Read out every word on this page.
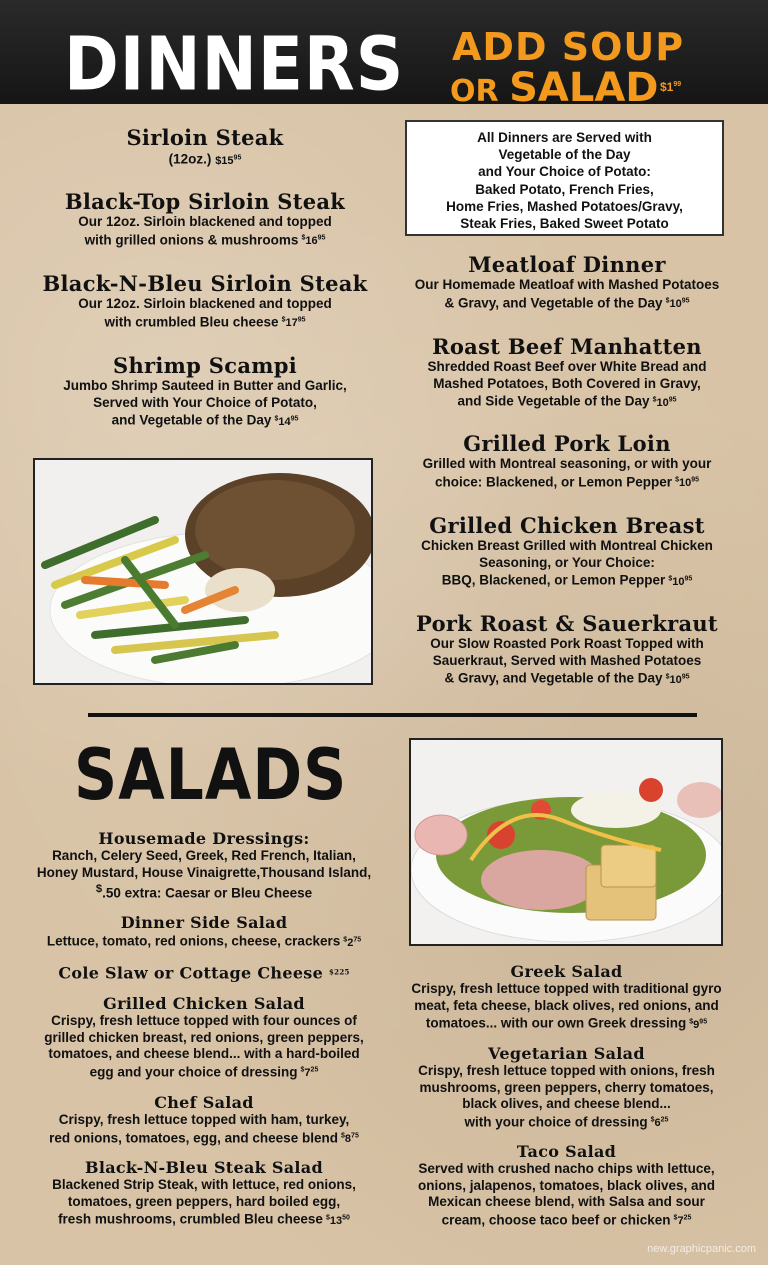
DINNERS ADD SOUP
OR SALAD $\$1^{99}$
All Dinners are Served with
Vegetable of the Day
and Your Choice of Potato:
Baked Potato, French Fries,
Home Fries, Mashed Potatoes/Gravy,
Steak Fries, Baked Sweet Potato
Sirloin Steak
(12oz.) $\$15^{95}$
Black-Top Sirloin Steak
Our 12oz. Sirloin blackened and topped
with grilled onions & mushrooms $^{\$}16^{95}$
Black-N-Bleu Sirloin Steak
Our 12oz. Sirloin blackened and topped
with crumbled Bleu cheese $^{\$}17^{95}$
Shrimp Scampi
Jumbo Shrimp Sauteed in Butter and Garlic,
Served with Your Choice of Potato,
and Vegetable of the Day $^{\$}14^{95}$
Meatloaf Dinner
Our Homemade Meatloaf with Mashed Potatoes
& Gravy, and Vegetable of the Day $^{\$}10^{95}$
Roast Beef Manhatten
Shredded Roast Beef over White Bread and
Mashed Potatoes, Both Covered in Gravy,
and Side Vegetable of the Day $^{\$}10^{95}$
Grilled Pork Loin
Grilled with Montreal seasoning, or with your
choice: Blackened, or Lemon Pepper $^{\$}10^{95}$
Grilled Chicken Breast
Chicken Breast Grilled with Montreal Chicken
Seasoning, or Your Choice:
BBQ, Blackened, or Lemon Pepper $^{\$}10^{95}$
Pork Roast & Sauerkraut
Our Slow Roasted Pork Roast Topped with
Sauerkraut, Served with Mashed Potatoes
& Gravy, and Vegetable of the Day $^{\$}10^{95}$
SALADS
Housemade Dressings:
Ranch, Celery Seed, Greek, Red French, Italian,
Honey Mustard, House Vinaigrette,Thousand Island,
$.50 extra: Caesar or Bleu Cheese
Dinner Side Salad
Lettuce, tomato, red onions, cheese, crackers $^{\$}2^{75}$
Cole Slaw or Cottage Cheese $^{\$225}$
Grilled Chicken Salad
Crispy, fresh lettuce topped with four ounces of
grilled chicken breast, red onions, green peppers,
tomatoes, and cheese blend... with a hard-boiled
egg and your choice of dressing $^{\$}7^{25}$
Chef Salad
Crispy, fresh lettuce topped with ham, turkey,
red onions, tomatoes, egg, and cheese blend $^{\$}8^{75}$
Black-N-Bleu Steak Salad
Blackened Strip Steak, with lettuce, red onions,
tomatoes, green peppers, hard boiled egg,
fresh mushrooms, crumbled Bleu cheese $^{\$}13^{50}$
Greek Salad
Crispy, fresh lettuce topped with traditional gyro
meat, feta cheese, black olives, red onions, and
tomatoes... with our own Greek dressing $^{\$}9^{95}$
Vegetarian Salad
Crispy, fresh lettuce topped with onions, fresh
mushrooms, green peppers, cherry tomatoes,
black olives, and cheese blend...
with your choice of dressing $^{\$}6^{25}$
Taco Salad
Served with crushed nacho chips with lettuce,
onions, jalapenos, tomatoes, black olives, and
Mexican cheese blend, with Salsa and sour
cream, choose taco beef or chicken $^{\$}7^{25}$
new.graphicpanic.com
